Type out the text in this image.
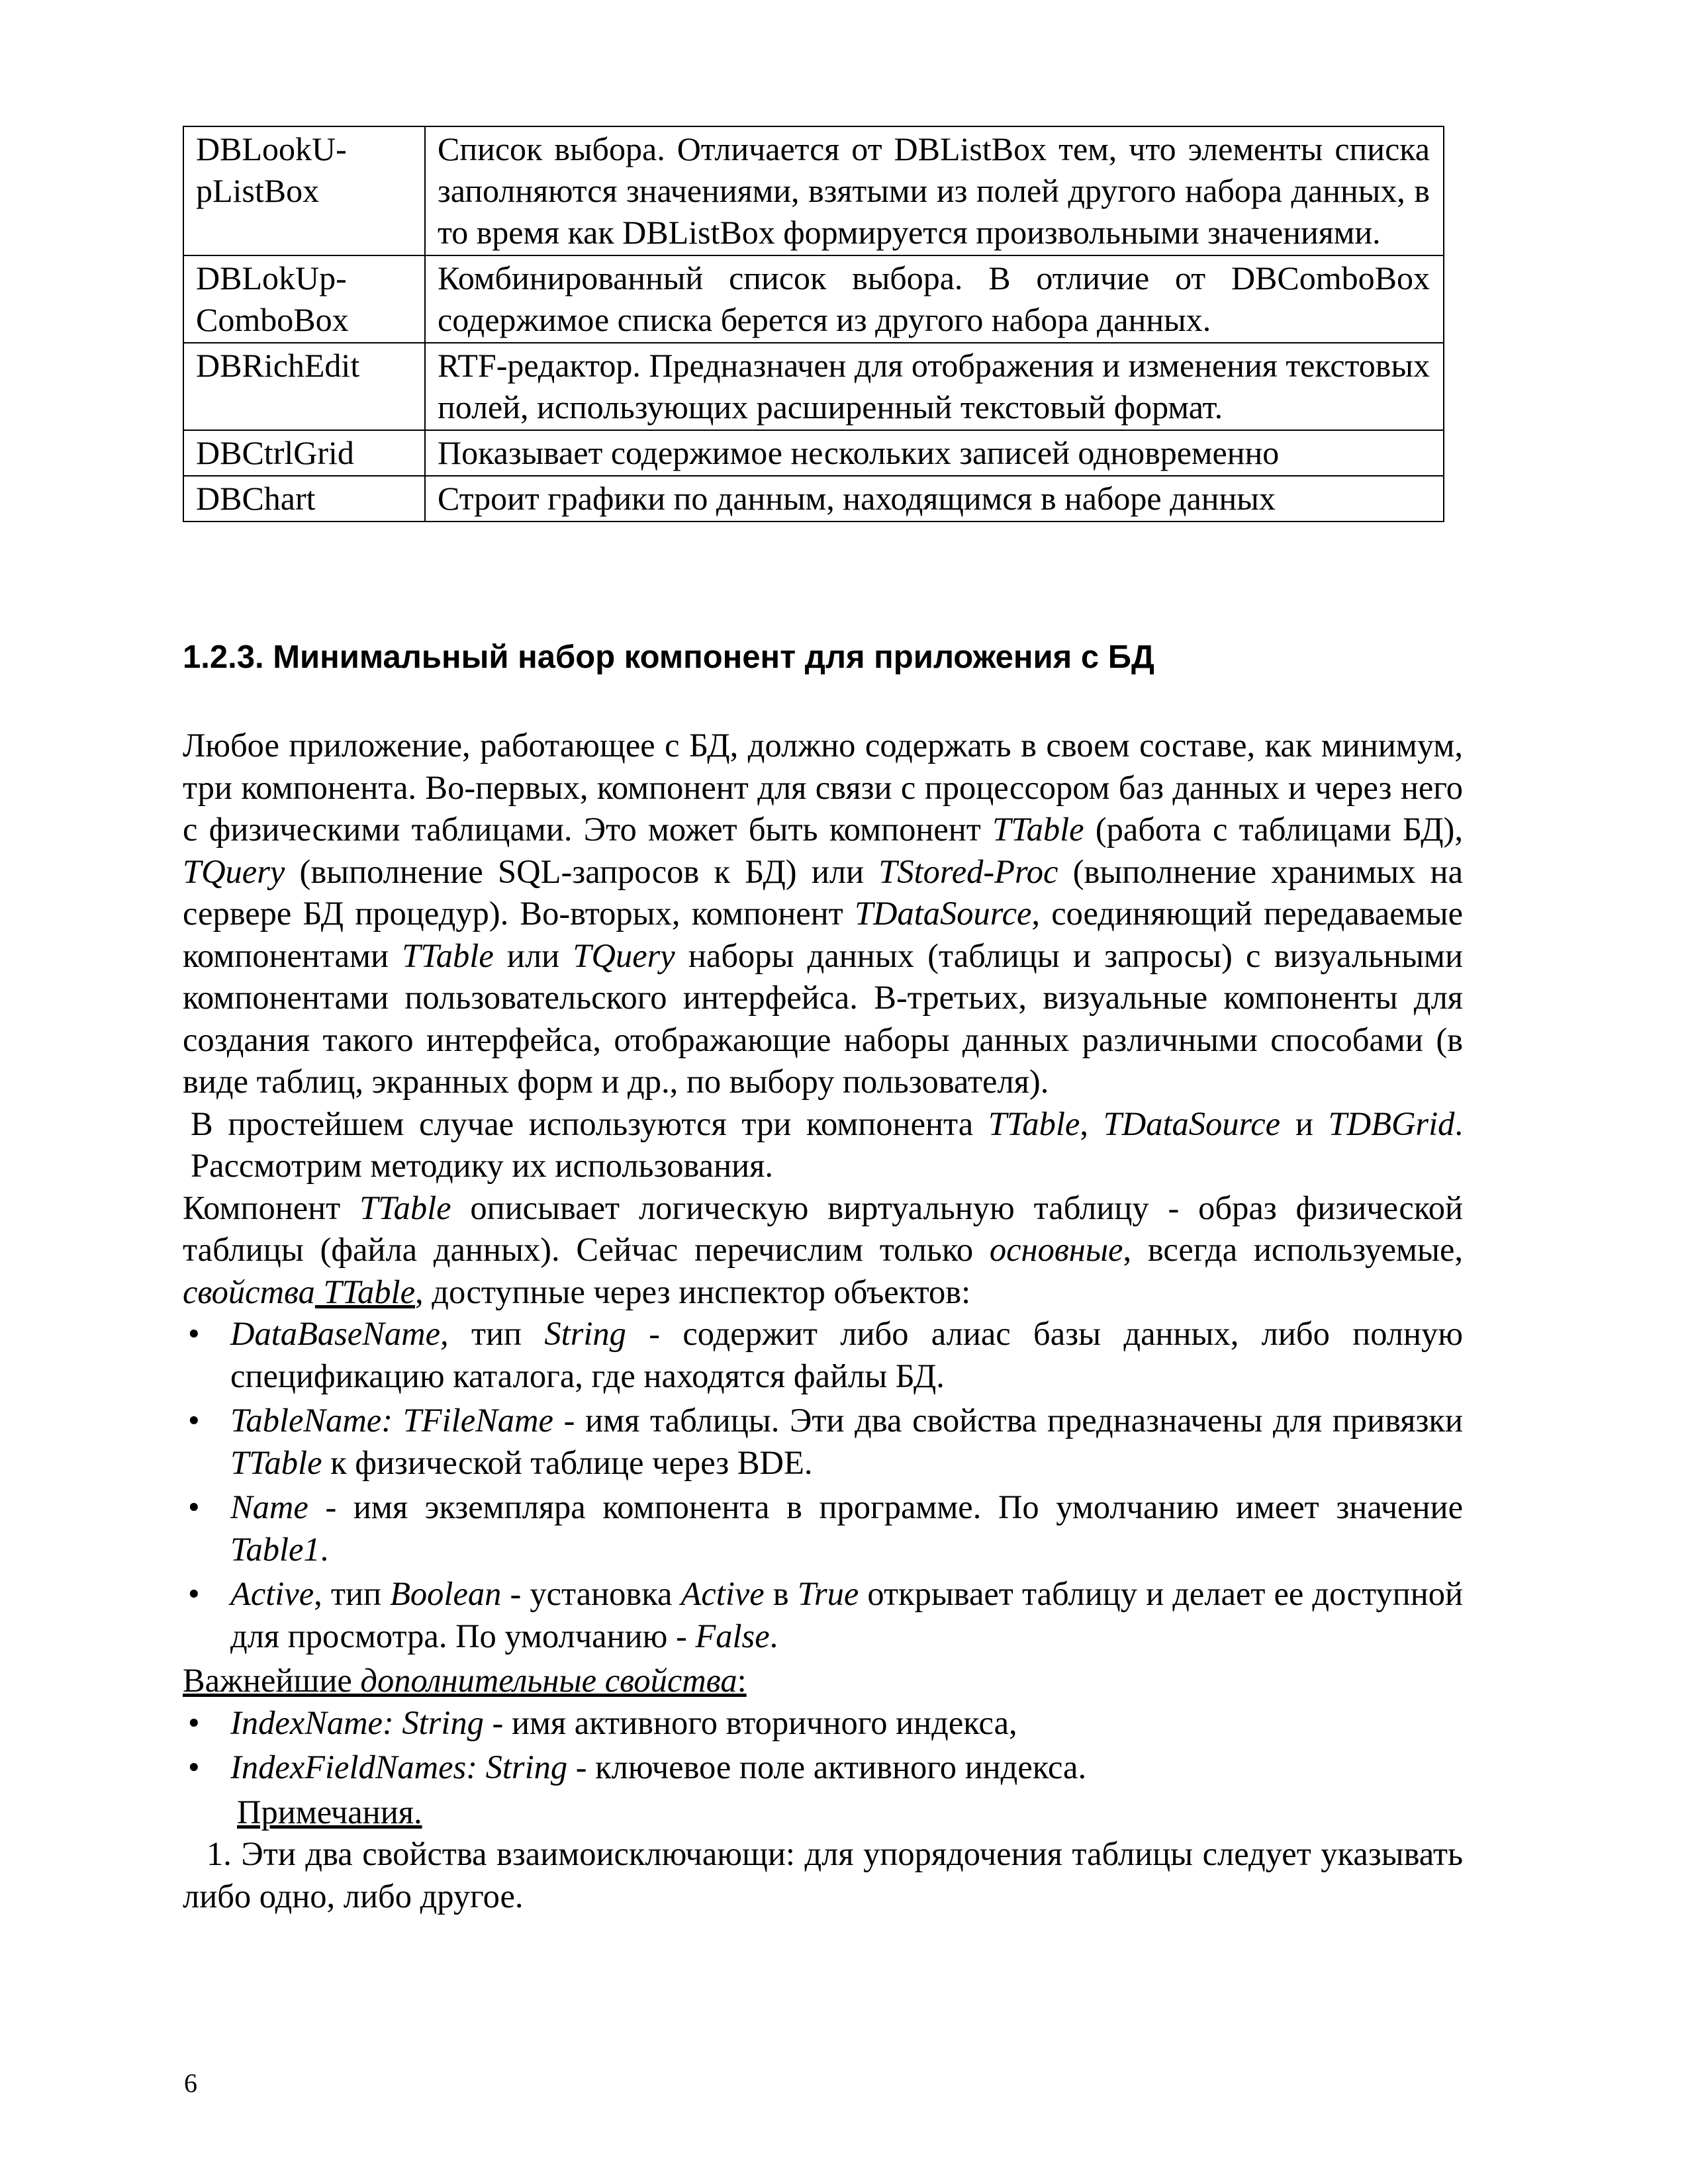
DBLookU-pListBox	Список выбора. Отличается от DBListBox тем, что элементы списка заполняются значениями, взятыми из полей другого набора данных, в то время как DBListBox формируется произвольными значениями.
DBLokUp-ComboBox	Комбинированный список выбора. В отличие от DBComboBox содержимое списка берется из другого набора данных.
DBRichEdit	RTF-редактор. Предназначен для отображения и изменения текстовых полей, использующих расширенный текстовый формат.
DBCtrlGrid	Показывает содержимое нескольких записей одновременно
DBChart	Строит графики по данным, находящимся в наборе данных
1.2.3. Минимальный набор компонент для приложения с БД

Любое приложение, работающее с БД, должно содержать в своем составе, как минимум, три компонента. Во-первых, компонент для связи с процессором баз данных и через него с физическими таблицами. Это может быть компонент TTable (работа с таблицами БД), TQuery (выполнение SQL-запросов к БД) или TStored-Proc (выполнение хранимых на сервере БД процедур). Во-вторых, компонент TDataSource, соединяющий передаваемые компонентами TTable или TQuery наборы данных (таблицы и запросы) с визуальными компонентами пользовательского интерфейса. В-третьих, визуальные компоненты для создания такого интерфейса, отображающие наборы данных различными способами (в виде таблиц, экранных форм и др., по выбору пользователя).

В простейшем случае используются три компонента TTable, TDataSource и TDBGrid. Рассмотрим методику их использования.

Компонент TTable описывает логическую виртуальную таблицу - образ физической таблицы (файла данных). Сейчас перечислим только основные, всегда используемые, свойства TTable, доступные через инспектор объектов:

• DataBaseName, тип String - содержит либо алиас базы данных, либо полную спецификацию каталога, где находятся файлы БД.
• TableName: TFileName - имя таблицы. Эти два свойства предназначены для привязки TTable к физической таблице через BDE.
• Name - имя экземпляра компонента в программе. По умолчанию имеет значение Table1.
• Active, тип Boolean - установка Active в True открывает таблицу и делает ее доступной для просмотра. По умолчанию - False.

Важнейшие дополнительные свойства:

• IndexName: String - имя активного вторичного индекса,
• IndexFieldNames: String - ключевое поле активного индекса.

Примечания.

1. Эти два свойства взаимоисключающи: для упорядочения таблицы следует указывать либо одно, либо другое.

6
